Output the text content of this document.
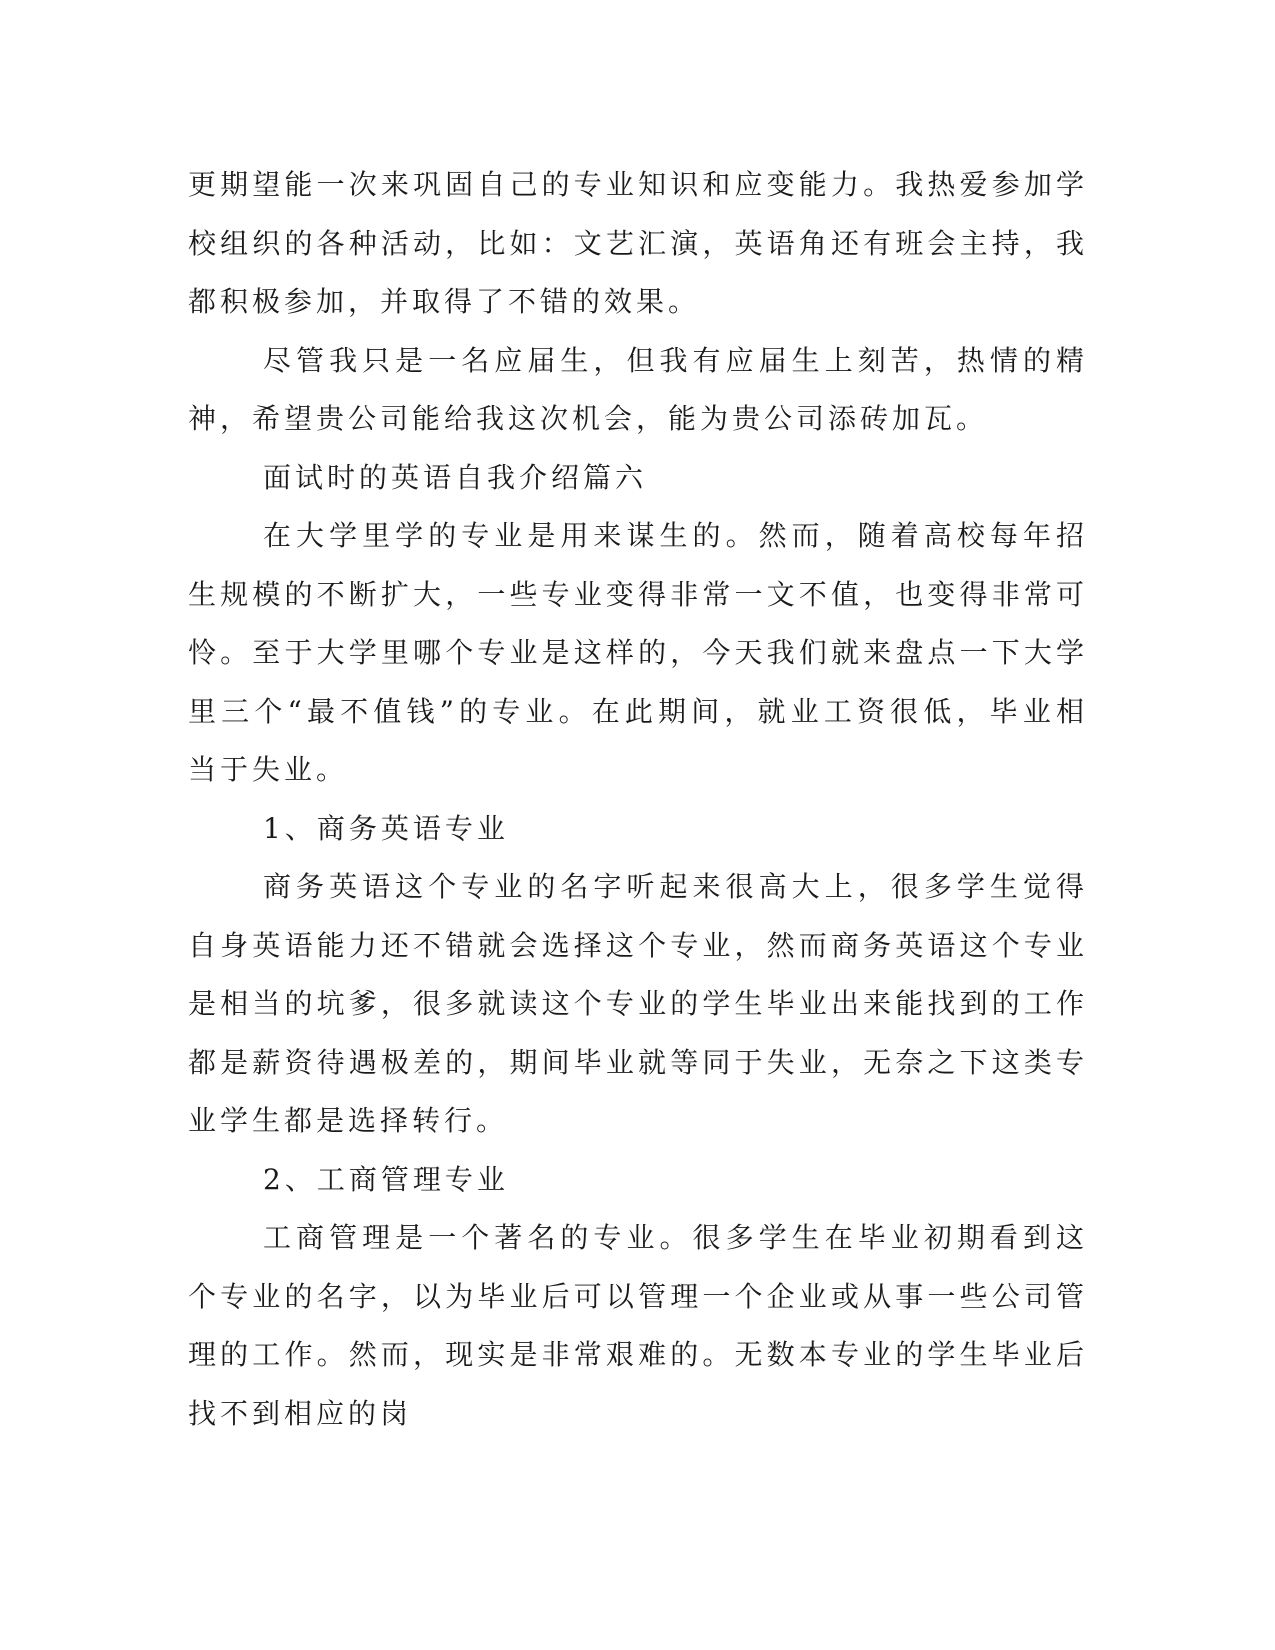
更期望能一次来巩固自己的专业知识和应变能力。我热爱参加学校组织的各种活动，比如：文艺汇演，英语角还有班会主持，我都积极参加，并取得了不错的效果。

尽管我只是一名应届生，但我有应届生上刻苦，热情的精神，希望贵公司能给我这次机会，能为贵公司添砖加瓦。

面试时的英语自我介绍篇六

在大学里学的专业是用来谋生的。然而，随着高校每年招生规模的不断扩大，一些专业变得非常一文不值，也变得非常可怜。至于大学里哪个专业是这样的，今天我们就来盘点一下大学里三个“最不值钱”的专业。在此期间，就业工资很低，毕业相当于失业。

1、商务英语专业

商务英语这个专业的名字听起来很高大上，很多学生觉得自身英语能力还不错就会选择这个专业，然而商务英语这个专业是相当的坑爹，很多就读这个专业的学生毕业出来能找到的工作都是薪资待遇极差的，期间毕业就等同于失业，无奈之下这类专业学生都是选择转行。

2、工商管理专业

工商管理是一个著名的专业。很多学生在毕业初期看到这个专业的名字，以为毕业后可以管理一个企业或从事一些公司管理的工作。然而，现实是非常艰难的。无数本专业的学生毕业后找不到相应的岗
